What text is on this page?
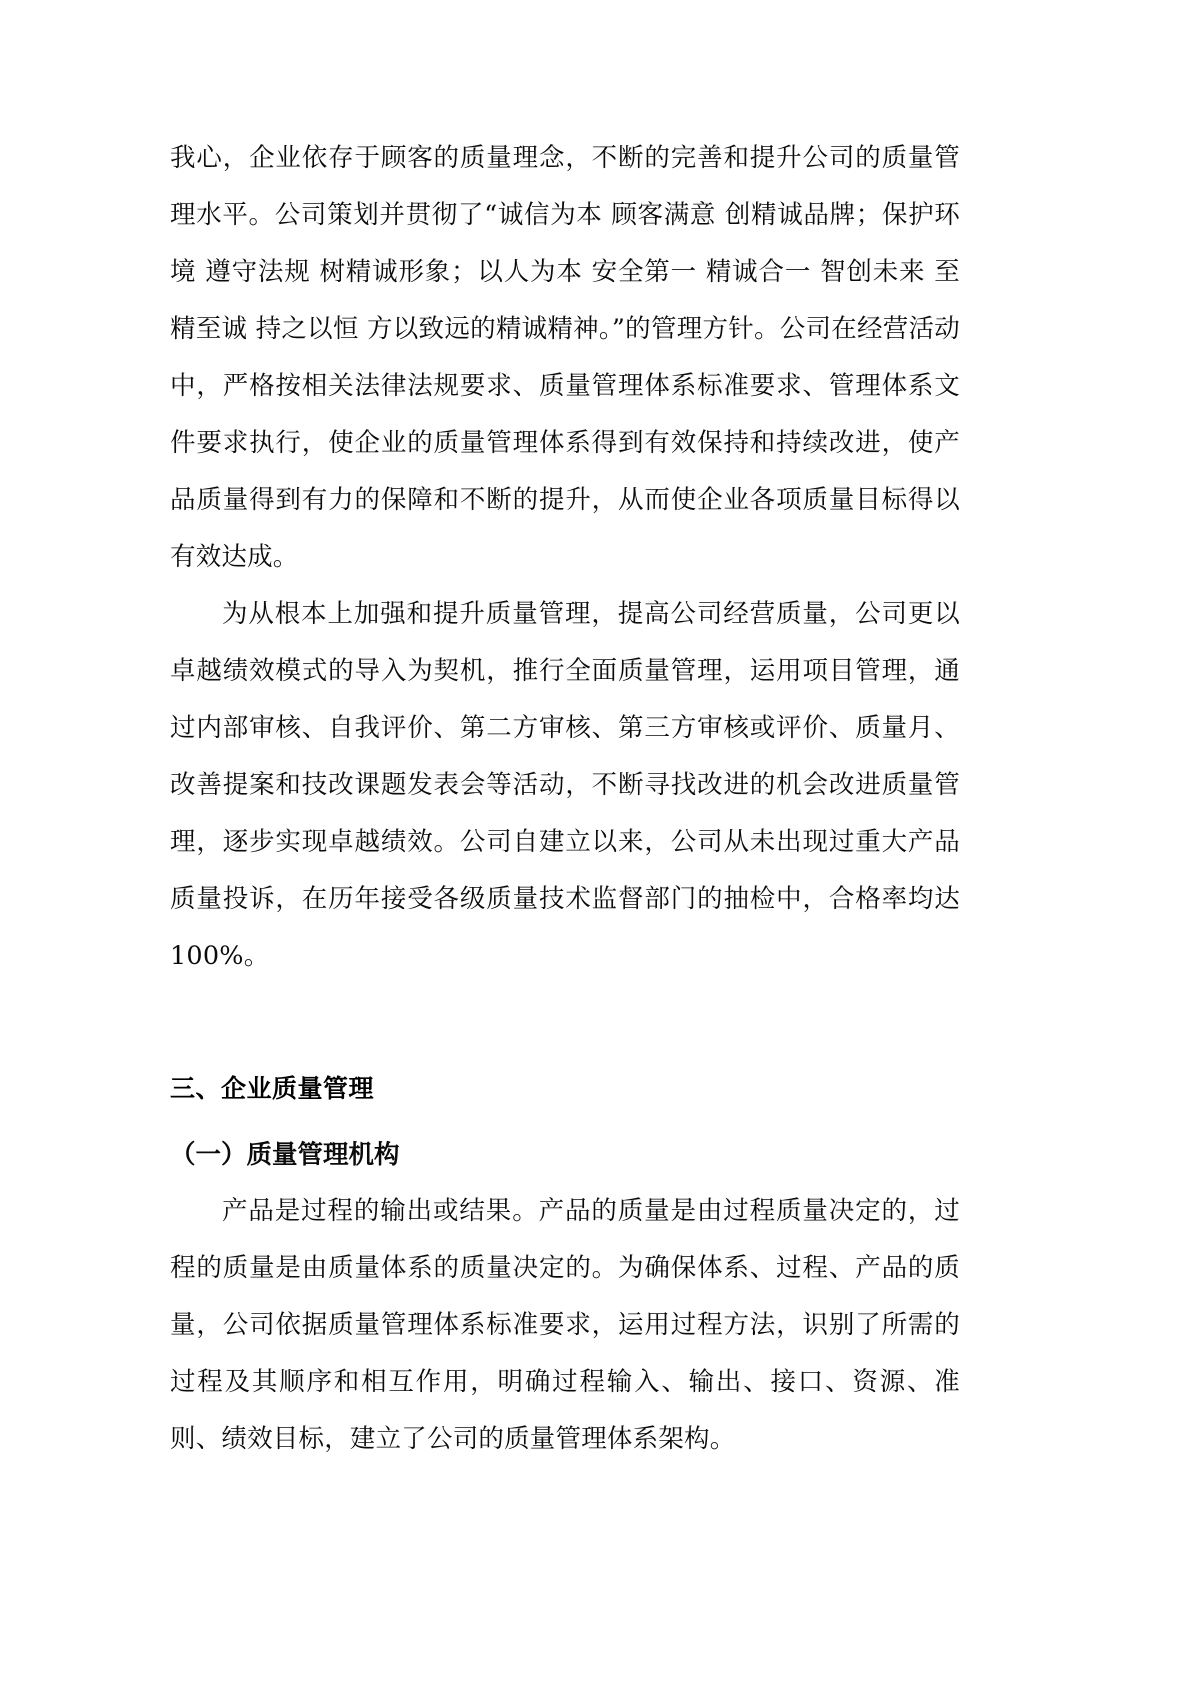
我心，企业依存于顾客的质量理念，不断的完善和提升公司的质量管理水平。公司策划并贯彻了“诚信为本 顾客满意 创精诚品牌；保护环境 遵守法规 树精诚形象；以人为本 安全第一 精诚合一 智创未来 至精至诚 持之以恒 方以致远的精诚精神。”的管理方针。公司在经营活动中，严格按相关法律法规要求、质量管理体系标准要求、管理体系文件要求执行，使企业的质量管理体系得到有效保持和持续改进，使产品质量得到有力的保障和不断的提升，从而使企业各项质量目标得以有效达成。

为从根本上加强和提升质量管理，提高公司经营质量，公司更以卓越绩效模式的导入为契机，推行全面质量管理，运用项目管理，通过内部审核、自我评价、第二方审核、第三方审核或评价、质量月、改善提案和技改课题发表会等活动，不断寻找改进的机会改进质量管理，逐步实现卓越绩效。公司自建立以来，公司从未出现过重大产品质量投诉，在历年接受各级质量技术监督部门的抽检中，合格率均达100%。

三、企业质量管理
（一）质量管理机构

产品是过程的输出或结果。产品的质量是由过程质量决定的，过程的质量是由质量体系的质量决定的。为确保体系、过程、产品的质量，公司依据质量管理体系标准要求，运用过程方法，识别了所需的过程及其顺序和相互作用，明确过程输入、输出、接口、资源、准则、绩效目标，建立了公司的质量管理体系架构。
